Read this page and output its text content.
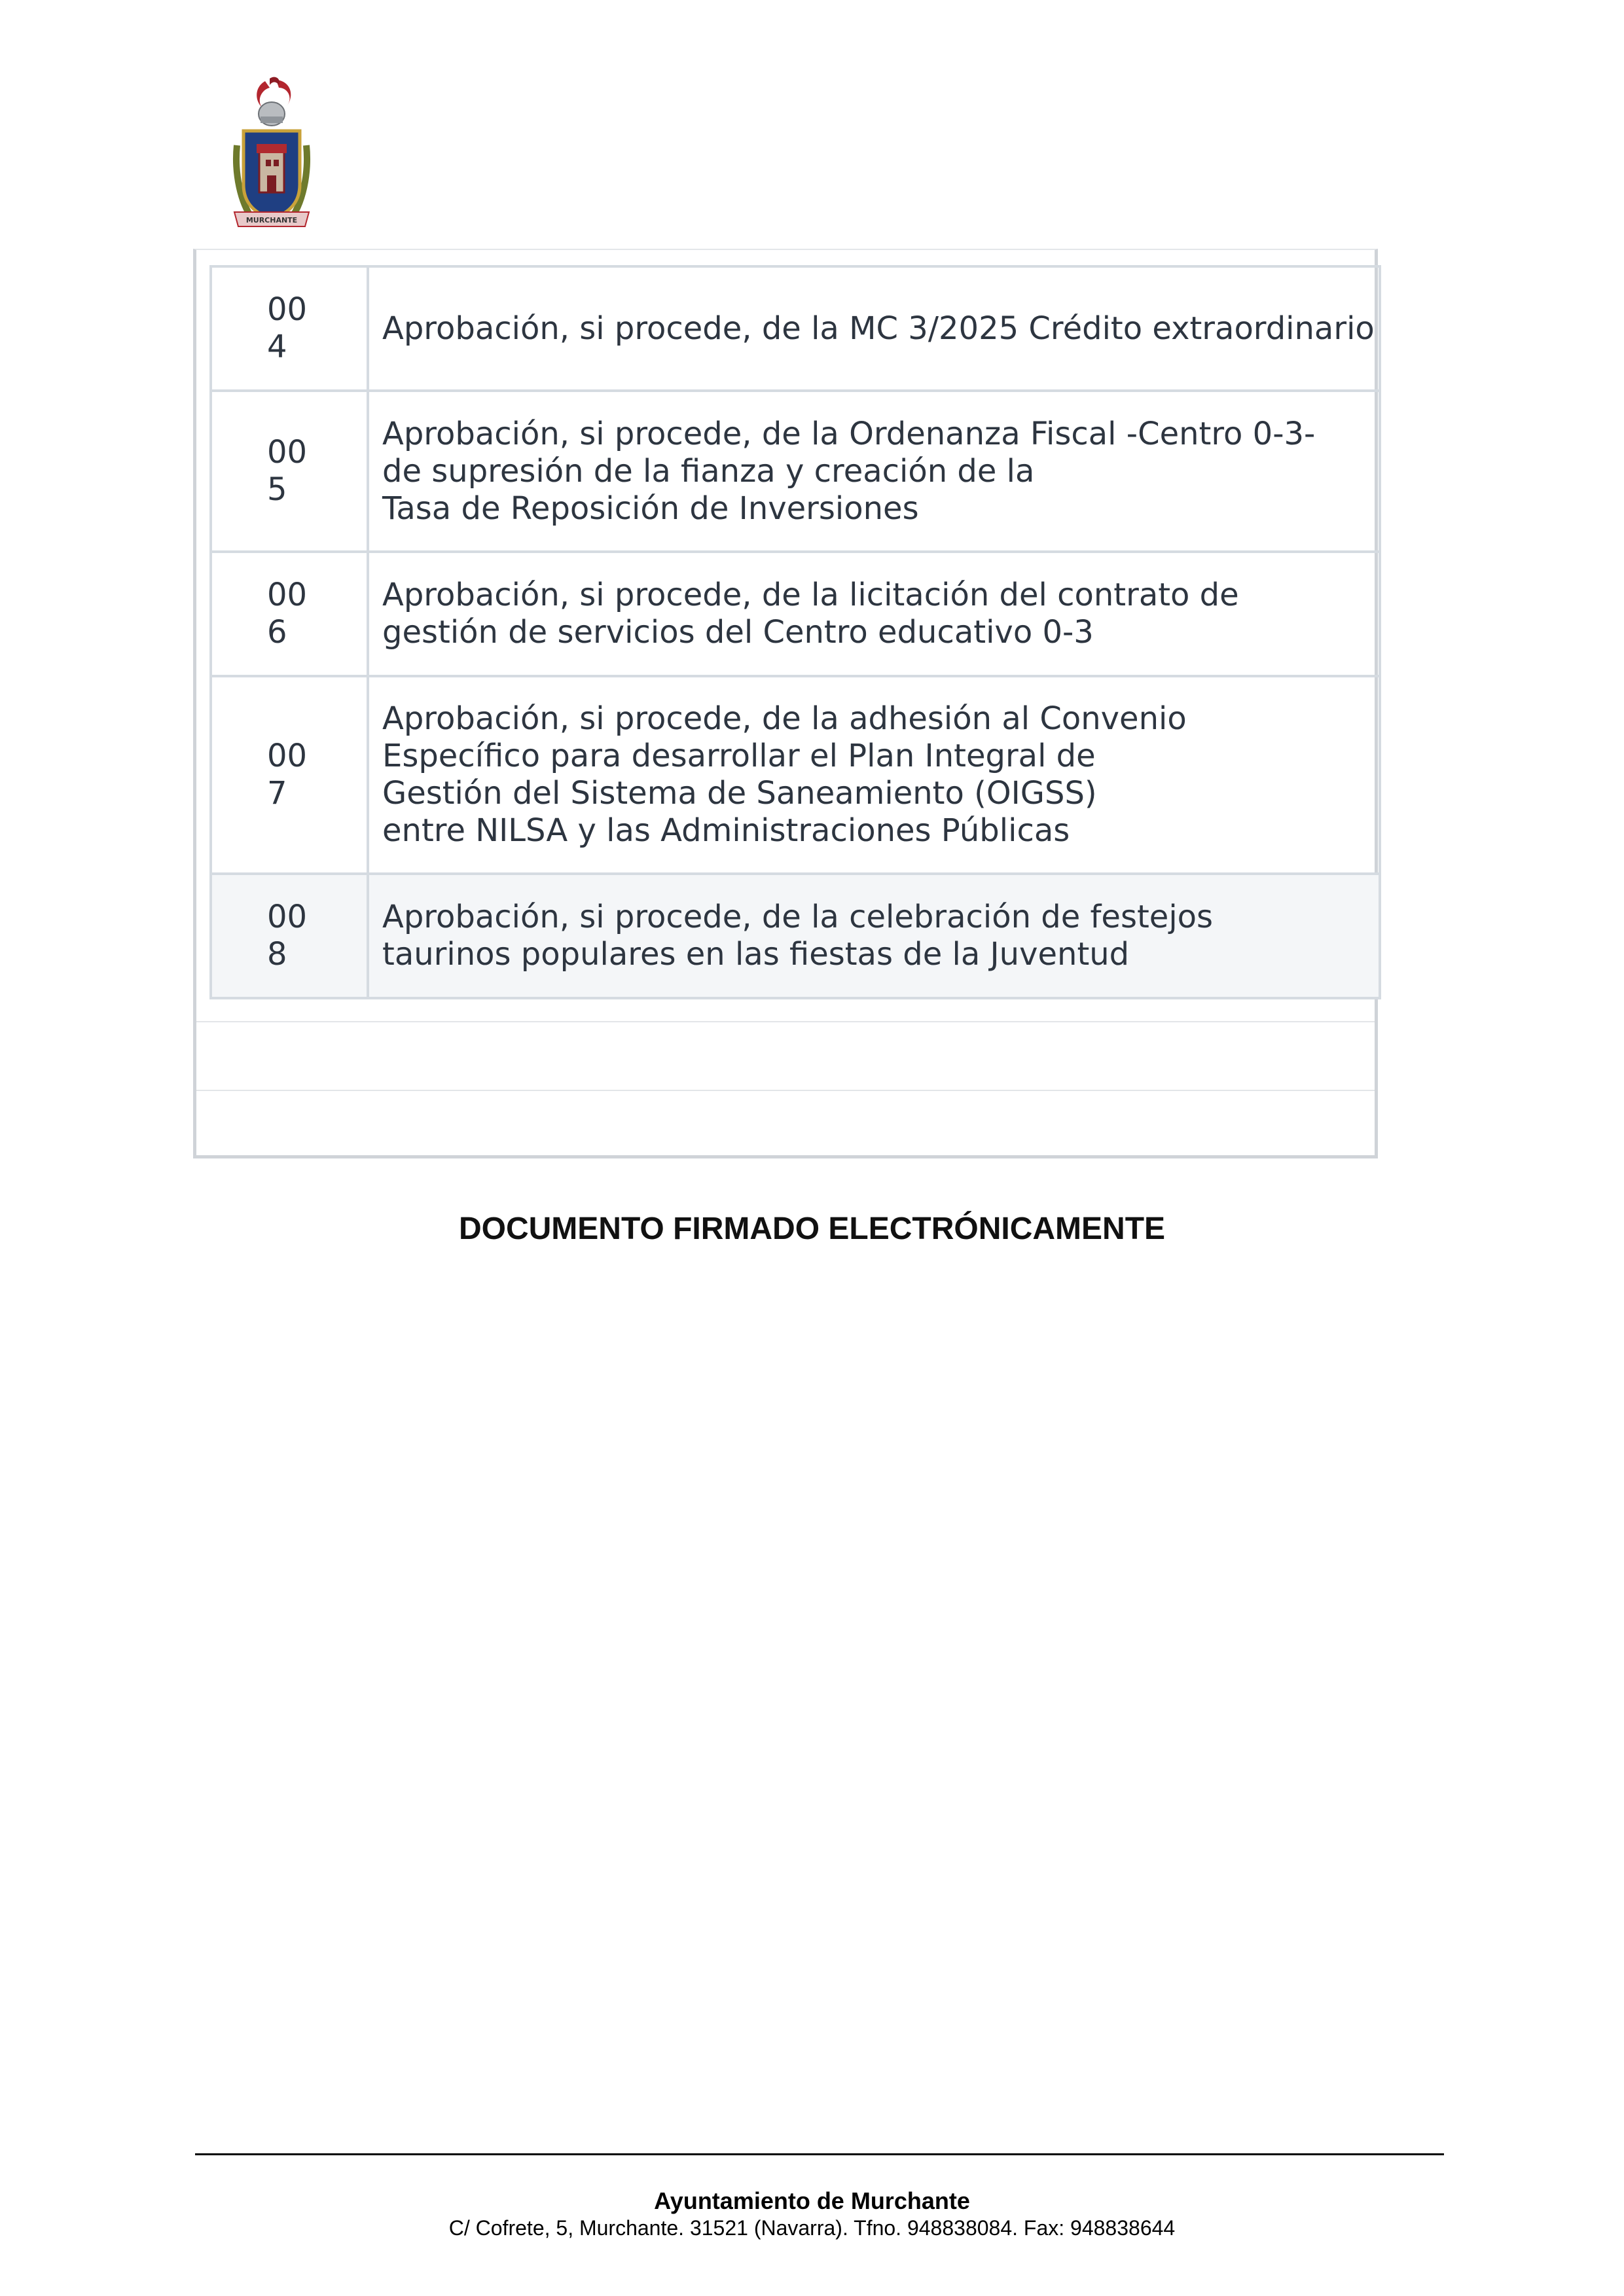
MURCHANTE
00
4	Aprobación, si procede, de la MC 3/2025 Crédito extraordinario

00
5	Aprobación, si procede, de la Ordenanza Fiscal -Centro 0-3-
de supresión de la fianza y creación de la
Tasa de Reposición de Inversiones

00
6	Aprobación, si procede, de la licitación del contrato de
gestión de servicios del Centro educativo 0-3

00
7	Aprobación, si procede, de la adhesión al Convenio
Específico para desarrollar el Plan Integral de
Gestión del Sistema de Saneamiento (OIGSS)
entre NILSA y las Administraciones Públicas

00
8	Aprobación, si procede, de la celebración de festejos
taurinos populares en las fiestas de la Juventud
DOCUMENTO FIRMADO ELECTRÓNICAMENTE
Ayuntamiento de Murchante
C/ Cofrete, 5, Murchante. 31521 (Navarra). Tfno. 948838084. Fax: 948838644
